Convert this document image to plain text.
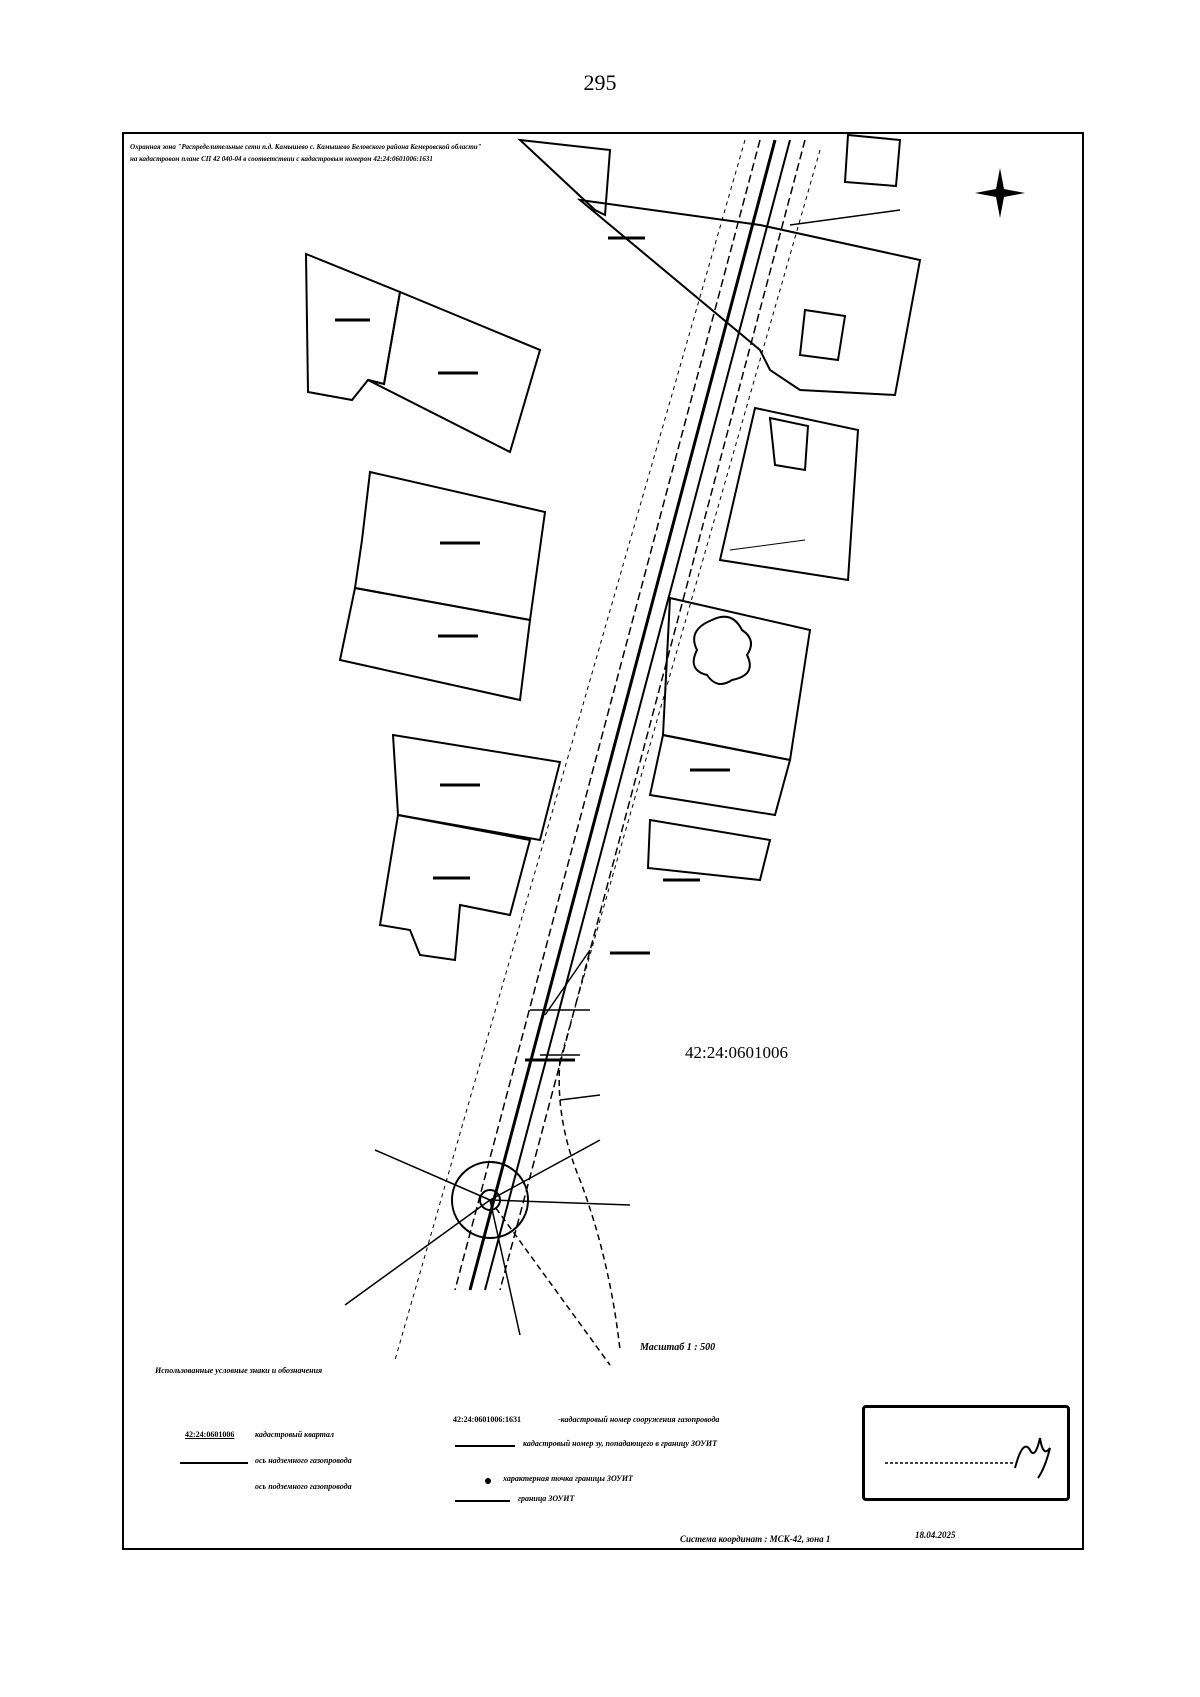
295
Охранная зона "Распределительные сети п.д. Камышево с. Камышево Беловского района Кемеровской области"
на кадастровом плане СП 42 040-04 в соответствии с кадастровым номером 42:24:0601006:1631
42:24:0601006
Масштаб 1 : 500
Использованные условные знаки и обозначения
42:24:0601006	кадастровый квартал
ось надземного газопровода
ось подземного газопровода
42:24:0601006:1631	-кадастровый номер сооружения газопровода
кадастровый номер зу, попадающего в границу ЗОУИТ
характерная точка границы ЗОУИТ
граница ЗОУИТ
Система координат : МСК-42, зона 1	18.04.2025
